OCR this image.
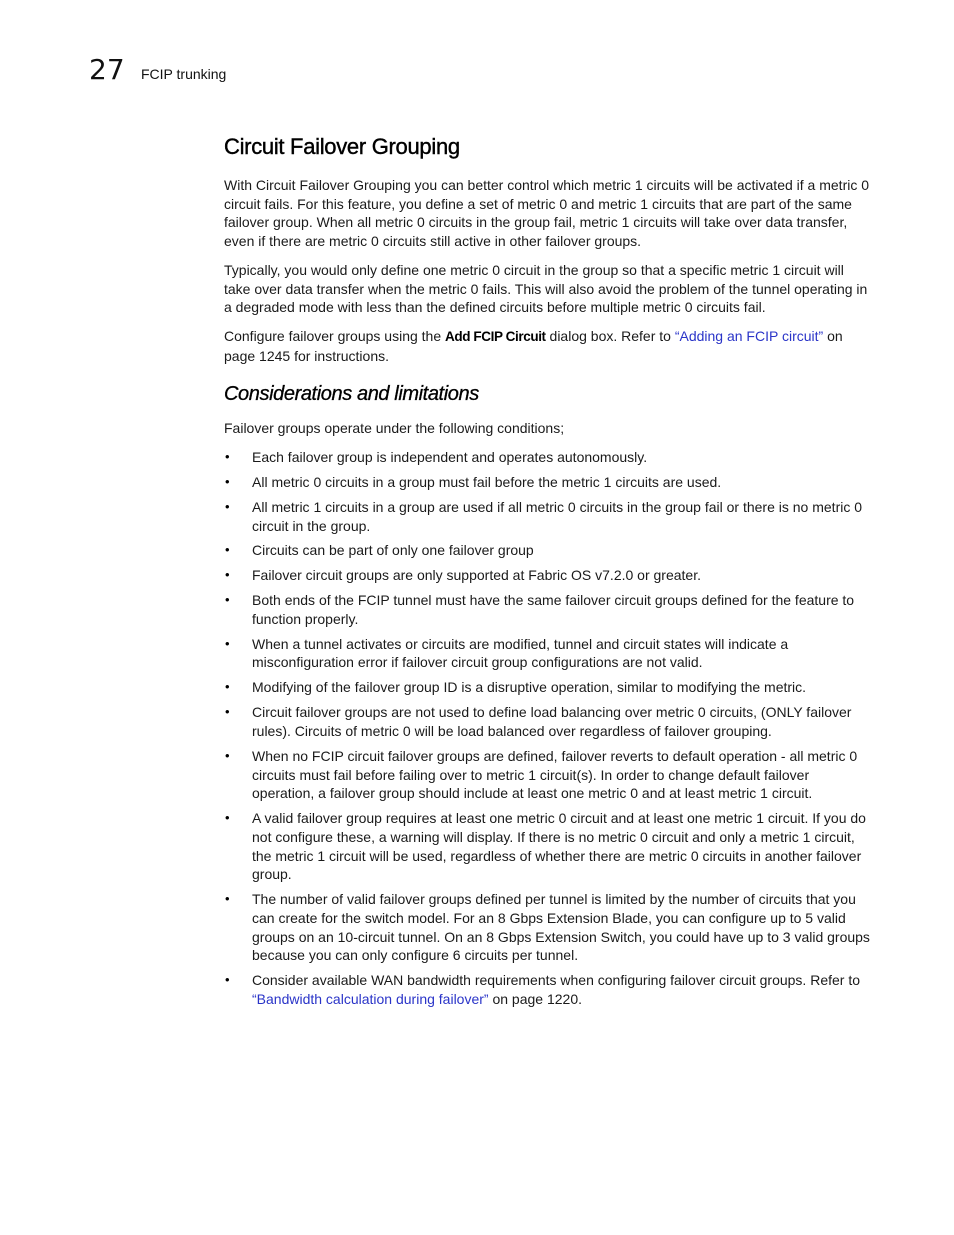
27 FCIP trunking
Circuit Failover Grouping

With Circuit Failover Grouping you can better control which metric 1 circuits will be activated if a metric 0 circuit fails. For this feature, you define a set of metric 0 and metric 1 circuits that are part of the same failover group. When all metric 0 circuits in the group fail, metric 1 circuits will take over data transfer, even if there are metric 0 circuits still active in other failover groups.

Typically, you would only define one metric 0 circuit in the group so that a specific metric 1 circuit will take over data transfer when the metric 0 fails. This will also avoid the problem of the tunnel operating in a degraded mode with less than the defined circuits before multiple metric 0 circuits fail.

Configure failover groups using the Add FCIP Circuit dialog box. Refer to “Adding an FCIP circuit” on page 1245 for instructions.

Considerations and limitations

Failover groups operate under the following conditions;

• Each failover group is independent and operates autonomously.
• All metric 0 circuits in a group must fail before the metric 1 circuits are used.
• All metric 1 circuits in a group are used if all metric 0 circuits in the group fail or there is no metric 0 circuit in the group.
• Circuits can be part of only one failover group
• Failover circuit groups are only supported at Fabric OS v7.2.0 or greater.
• Both ends of the FCIP tunnel must have the same failover circuit groups defined for the feature to function properly.
• When a tunnel activates or circuits are modified, tunnel and circuit states will indicate a misconfiguration error if failover circuit group configurations are not valid.
• Modifying of the failover group ID is a disruptive operation, similar to modifying the metric.
• Circuit failover groups are not used to define load balancing over metric 0 circuits, (ONLY failover rules). Circuits of metric 0 will be load balanced over regardless of failover grouping.
• When no FCIP circuit failover groups are defined, failover reverts to default operation - all metric 0 circuits must fail before failing over to metric 1 circuit(s). In order to change default failover operation, a failover group should include at least one metric 0 and at least metric 1 circuit.
• A valid failover group requires at least one metric 0 circuit and at least one metric 1 circuit. If you do not configure these, a warning will display. If there is no metric 0 circuit and only a metric 1 circuit, the metric 1 circuit will be used, regardless of whether there are metric 0 circuits in another failover group.
• The number of valid failover groups defined per tunnel is limited by the number of circuits that you can create for the switch model. For an 8 Gbps Extension Blade, you can configure up to 5 valid groups on an 10-circuit tunnel. On an 8 Gbps Extension Switch, you could have up to 3 valid groups because you can only configure 6 circuits per tunnel.
• Consider available WAN bandwidth requirements when configuring failover circuit groups. Refer to “Bandwidth calculation during failover” on page 1220.
